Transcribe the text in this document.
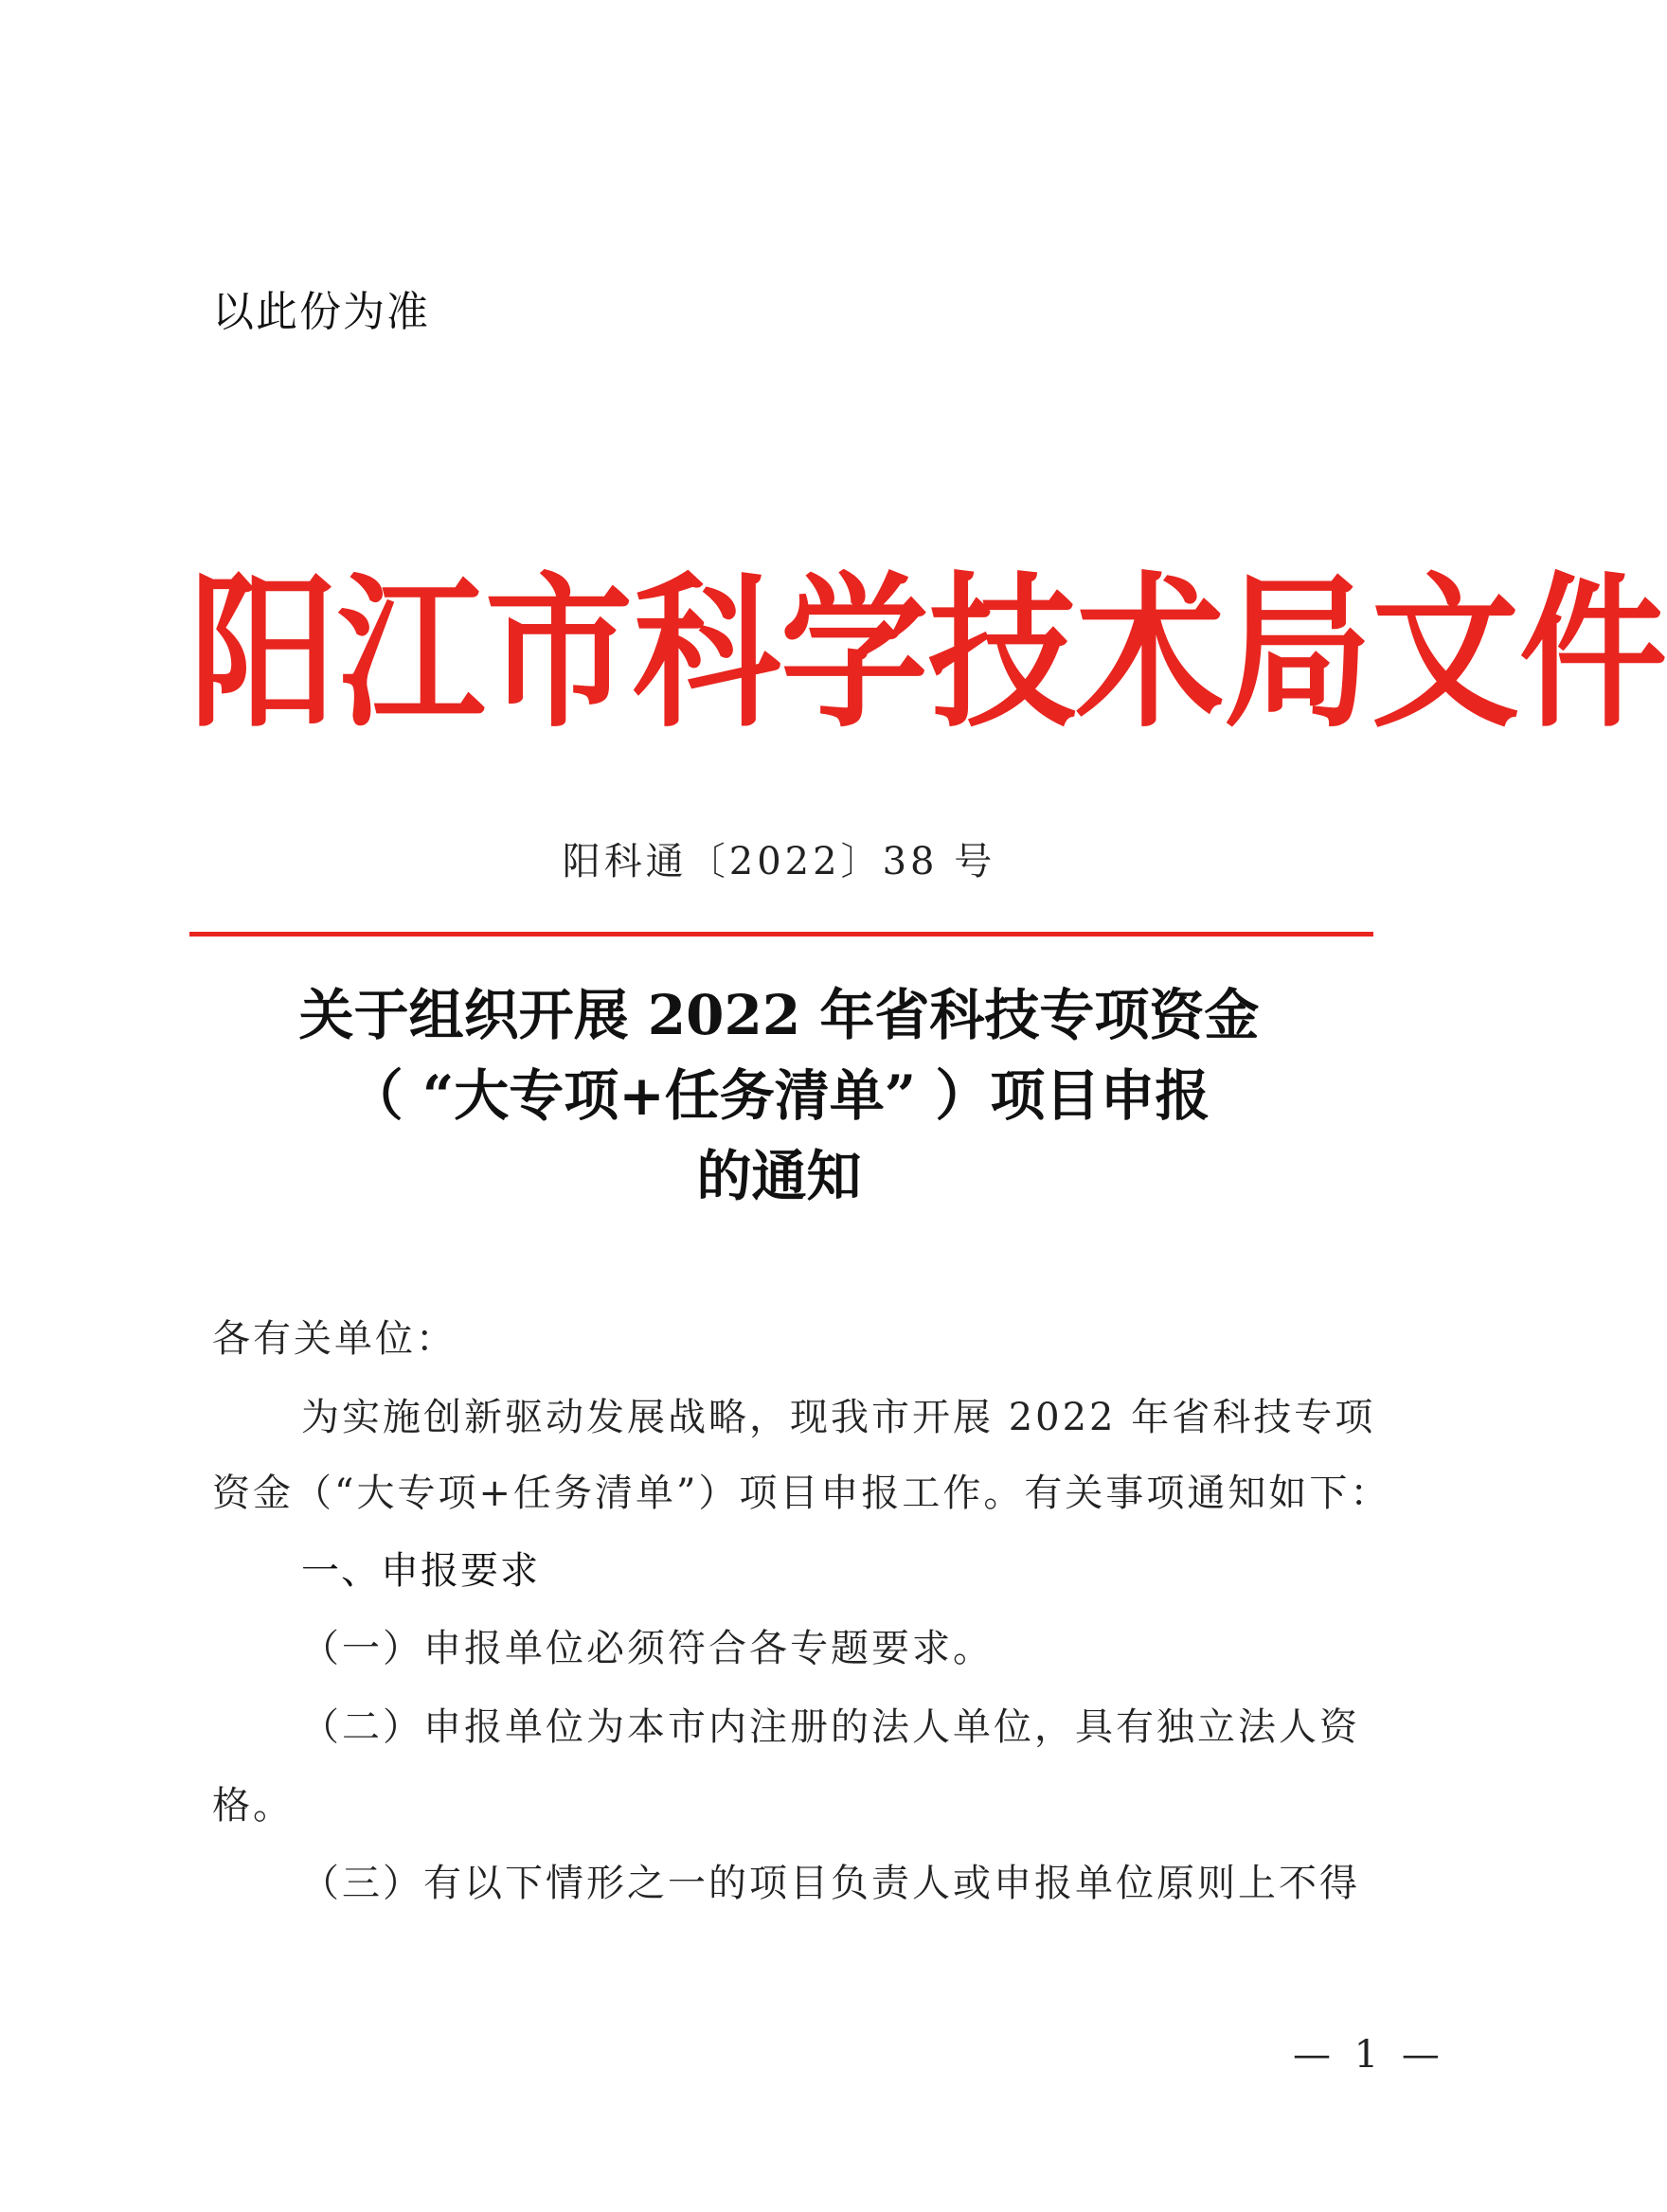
以此份为准
阳 江 市 科 学 技 术 局 文 件
阳科通〔2022〕38 号
关于组织开展 2022 年省科技专项资金
（ “大专项+任务清单” ）项目申报
的通知
各有关单位：
为实施创新驱动发展战略，现我市开展 2022 年省科技专项
资金（“大专项+任务清单”）项目申报工作。有关事项通知如下：
一、申报要求
（一）申报单位必须符合各专题要求。
（二）申报单位为本市内注册的法人单位，具有独立法人资
格。
（三）有以下情形之一的项目负责人或申报单位原则上不得
— 1 —
